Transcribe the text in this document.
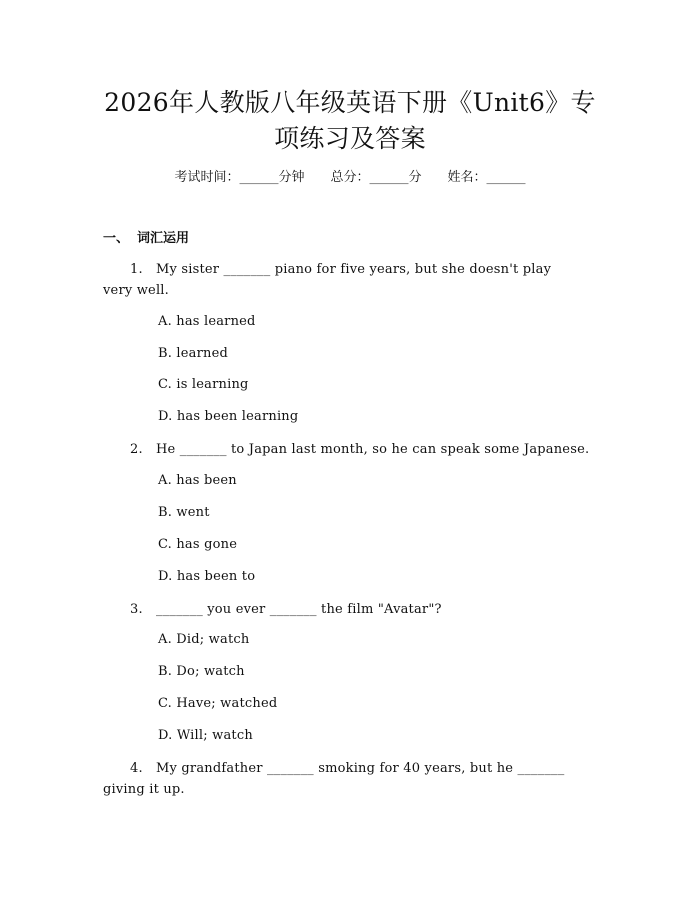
2026年人教版八年级英语下册《Unit6》专
项练习及答案
考试时间：______分钟 总分：______分 姓名：______
一、 词汇运用
1. My sister _______ piano for five years, but she doesn't play
very well.
A. has learned
B. learned
C. is learning
D. has been learning
2. He _______ to Japan last month, so he can speak some Japanese.
A. has been
B. went
C. has gone
D. has been to
3. _______ you ever _______ the film "Avatar"?
A. Did; watch
B. Do; watch
C. Have; watched
D. Will; watch
4. My grandfather _______ smoking for 40 years, but he _______
giving it up.
